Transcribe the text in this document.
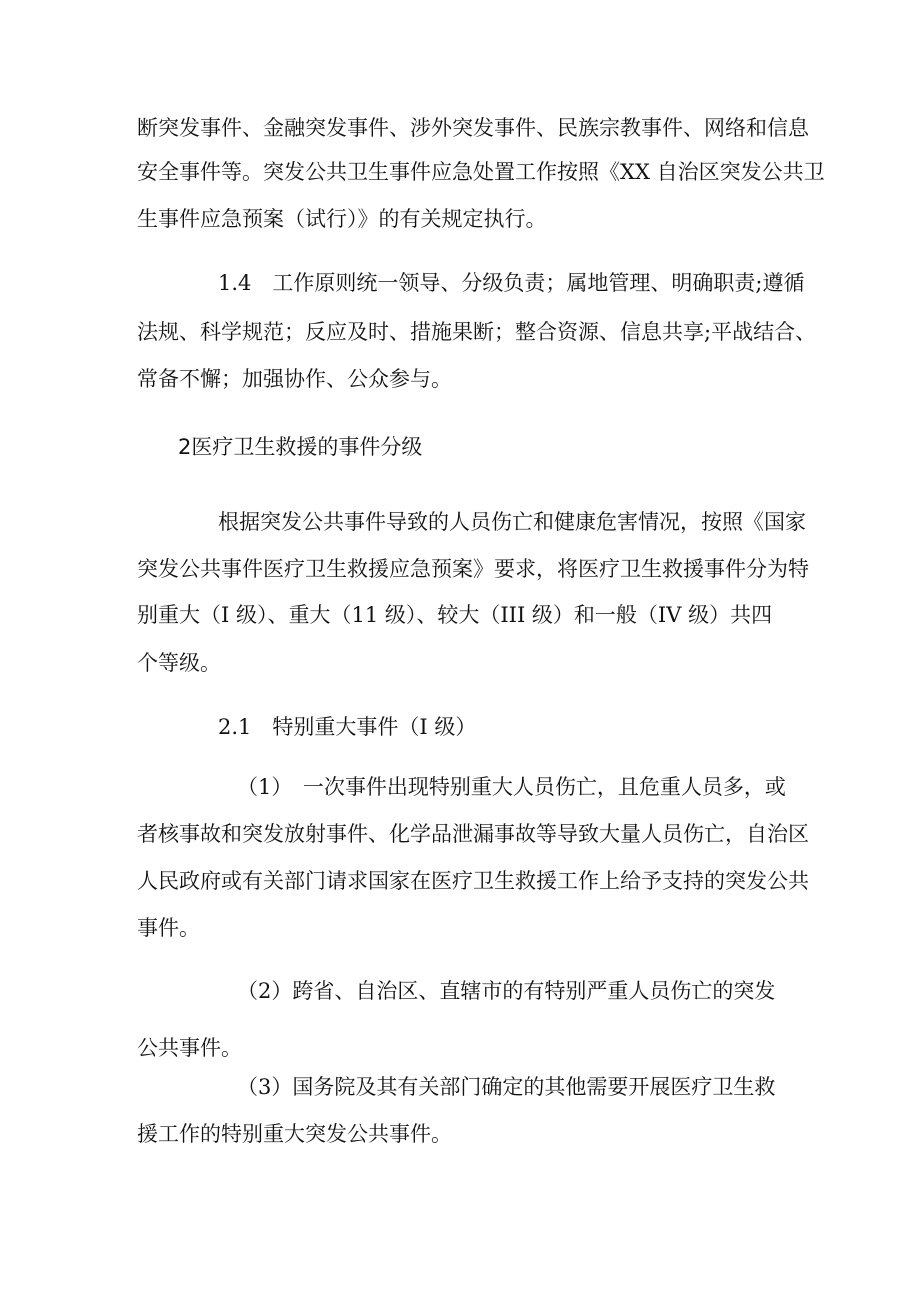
断突发事件、金融突发事件、涉外突发事件、民族宗教事件、网络和信息
安全事件等。突发公共卫生事件应急处置工作按照《XX 自治区突发公共卫
生事件应急预案（试行）》的有关规定执行。
1.4　工作原则统一领导、分级负责；属地管理、明确职责;遵循
法规、科学规范；反应及时、措施果断；整合资源、信息共享;平战结合、
常备不懈；加强协作、公众参与。
2医疗卫生救援的事件分级
根据突发公共事件导致的人员伤亡和健康危害情况，按照《国家
突发公共事件医疗卫生救援应急预案》要求，将医疗卫生救援事件分为特
别重大（I 级）、重大（11 级）、较大（III 级）和一般（IV 级）共四
个等级。
2.1　特别重大事件（I 级）
（1）　一次事件出现特别重大人员伤亡，且危重人员多，或
者核事故和突发放射事件、化学品泄漏事故等导致大量人员伤亡，自治区
人民政府或有关部门请求国家在医疗卫生救援工作上给予支持的突发公共
事件。
（2）跨省、自治区、直辖市的有特别严重人员伤亡的突发
公共事件。
（3）国务院及其有关部门确定的其他需要开展医疗卫生救
援工作的特别重大突发公共事件。
